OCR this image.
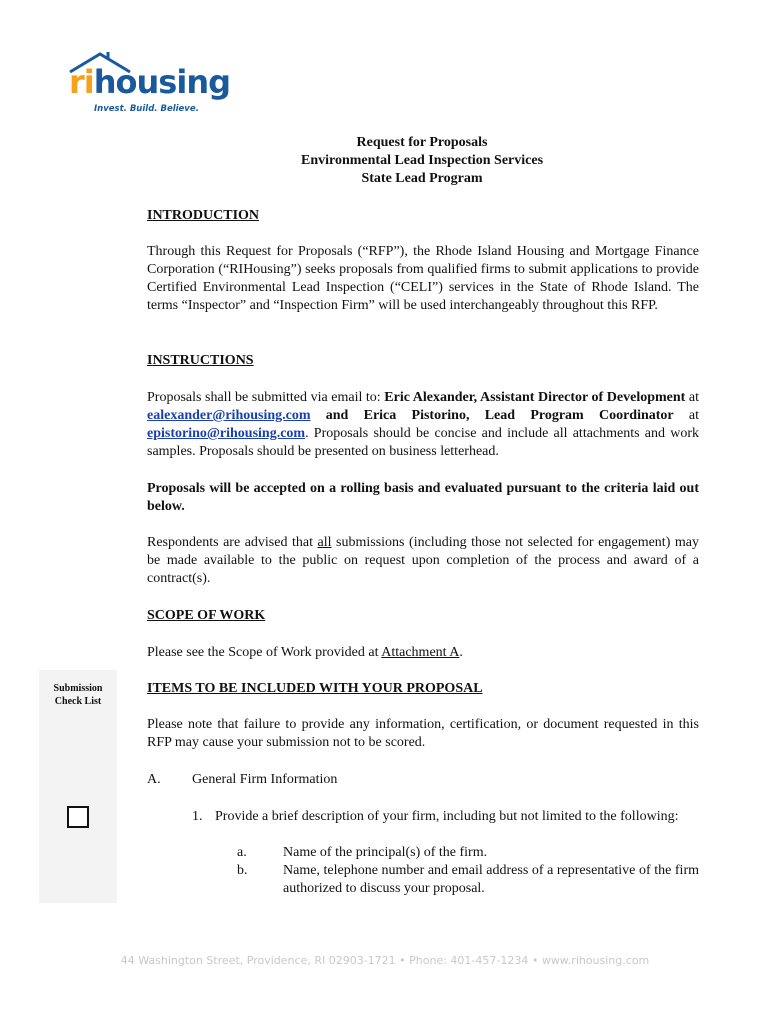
rihousing
Invest. Build. Believe.
Request for Proposals
Environmental Lead Inspection Services
State Lead Program
INTRODUCTION
Through this Request for Proposals (“RFP”), the Rhode Island Housing and Mortgage Finance Corporation (“RIHousing”) seeks proposals from qualified firms to submit applications to provide Certified Environmental Lead Inspection (“CELI”) services in the State of Rhode Island. The terms “Inspector” and “Inspection Firm” will be used interchangeably throughout this RFP.
INSTRUCTIONS
Proposals shall be submitted via email to: Eric Alexander, Assistant Director of Development at ealexander@rihousing.com and Erica Pistorino, Lead Program Coordinator at epistorino@rihousing.com. Proposals should be concise and include all attachments and work samples. Proposals should be presented on business letterhead.
Proposals will be accepted on a rolling basis and evaluated pursuant to the criteria laid out below.
Respondents are advised that all submissions (including those not selected for engagement) may be made available to the public on request upon completion of the process and award of a contract(s).
SCOPE OF WORK
Please see the Scope of Work provided at Attachment A.
Submission
Check List
ITEMS TO BE INCLUDED WITH YOUR PROPOSAL
Please note that failure to provide any information, certification, or document requested in this RFP may cause your submission not to be scored.
A. General Firm Information
1. Provide a brief description of your firm, including but not limited to the following:
a.	Name of the principal(s) of the firm.
b.	Name, telephone number and email address of a representative of the firm authorized to discuss your proposal.
44 Washington Street, Providence, RI 02903-1721 • Phone: 401-457-1234 • www.rihousing.com
